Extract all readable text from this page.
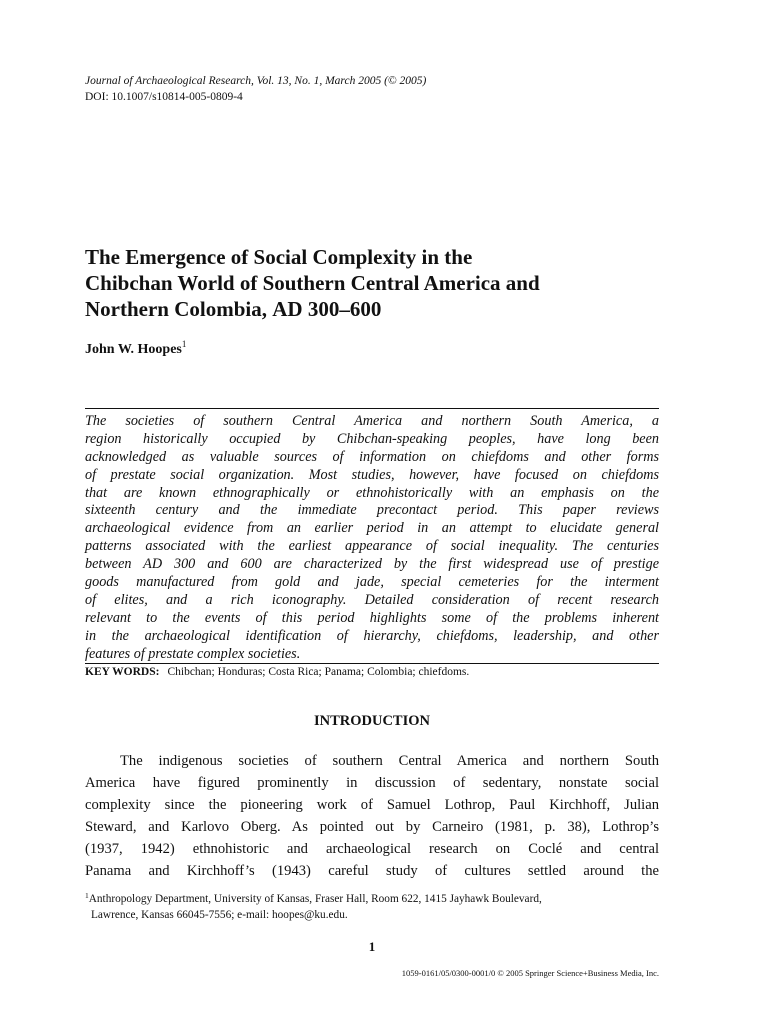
Journal of Archaeological Research, Vol. 13, No. 1, March 2005 (© 2005)
DOI: 10.1007/s10814-005-0809-4
The Emergence of Social Complexity in the
Chibchan World of Southern Central America and
Northern Colombia, AD 300–600
John W. Hoopes$^1$
The societies of southern Central America and northern South America, a
region historically occupied by Chibchan-speaking peoples, have long been
acknowledged as valuable sources of information on chiefdoms and other forms
of prestate social organization. Most studies, however, have focused on chiefdoms
that are known ethnographically or ethnohistorically with an emphasis on the
sixteenth century and the immediate precontact period. This paper reviews
archaeological evidence from an earlier period in an attempt to elucidate general
patterns associated with the earliest appearance of social inequality. The centuries
between AD 300 and 600 are characterized by the first widespread use of prestige
goods manufactured from gold and jade, special cemeteries for the interment
of elites, and a rich iconography. Detailed consideration of recent research
relevant to the events of this period highlights some of the problems inherent
in the archaeological identification of hierarchy, chiefdoms, leadership, and other
features of prestate complex societies.
KEY WORDS: Chibchan; Honduras; Costa Rica; Panama; Colombia; chiefdoms.
INTRODUCTION
The indigenous societies of southern Central America and northern South
America have figured prominently in discussion of sedentary, nonstate social
complexity since the pioneering work of Samuel Lothrop, Paul Kirchhoff, Julian
Steward, and Karlovo Oberg. As pointed out by Carneiro (1981, p. 38), Lothrop’s
(1937, 1942) ethnohistoric and archaeological research on Coclé and central
Panama and Kirchhoff’s (1943) careful study of cultures settled around the
$^1$Anthropology Department, University of Kansas, Fraser Hall, Room 622, 1415 Jayhawk Boulevard,
Lawrence, Kansas 66045-7556; e-mail: hoopes@ku.edu.
1
1059-0161/05/0300-0001/0 © 2005 Springer Science+Business Media, Inc.
